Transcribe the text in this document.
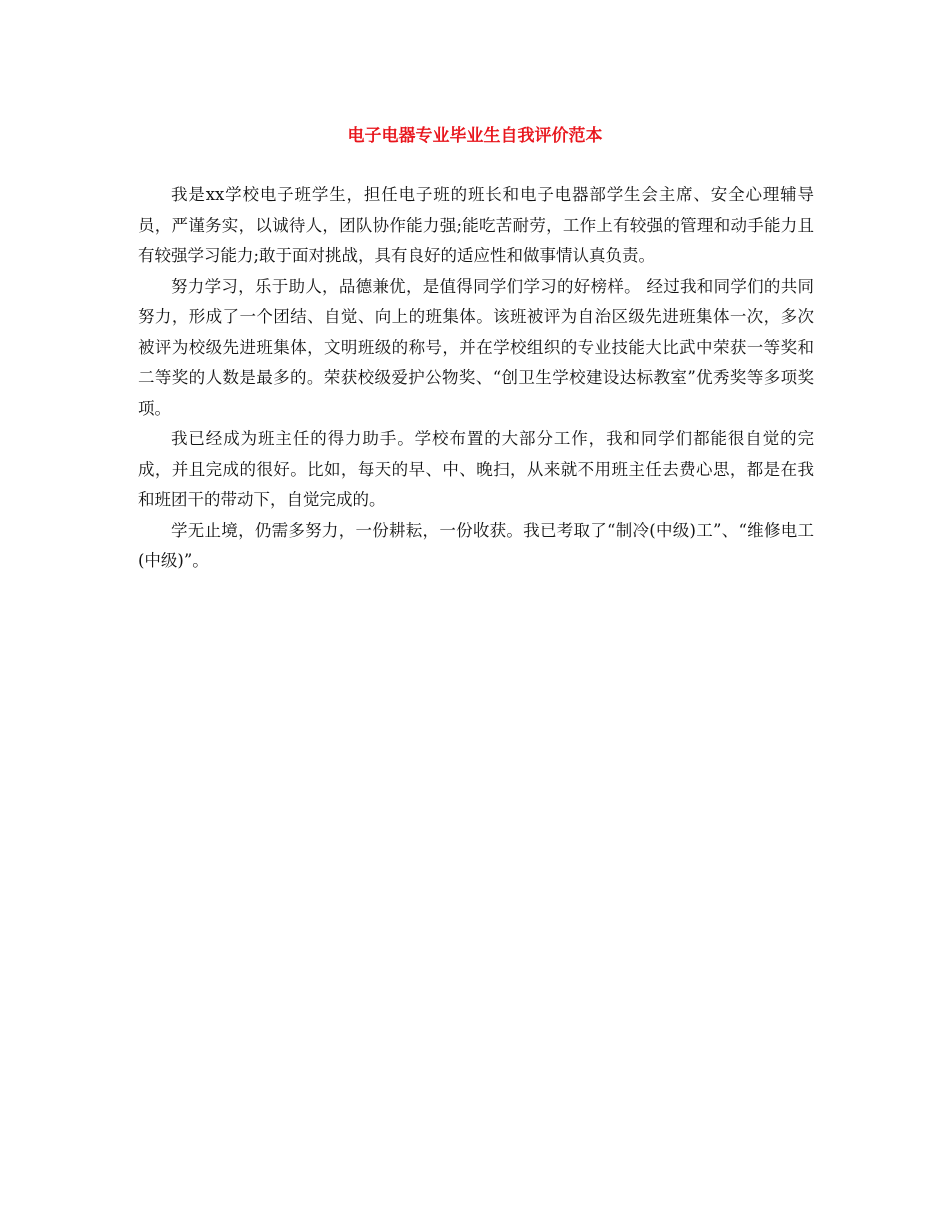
电子电器专业毕业生自我评价范本

我是xx学校电子班学生，担任电子班的班长和电子电器部学生会主席、安全心理辅导员，严谨务实，以诚待人，团队协作能力强;能吃苦耐劳，工作上有较强的管理和动手能力且有较强学习能力;敢于面对挑战，具有良好的适应性和做事情认真负责。

努力学习，乐于助人，品德兼优，是值得同学们学习的好榜样。 经过我和同学们的共同努力，形成了一个团结、自觉、向上的班集体。该班被评为自治区级先进班集体一次，多次被评为校级先进班集体，文明班级的称号，并在学校组织的专业技能大比武中荣获一等奖和二等奖的人数是最多的。荣获校级爱护公物奖、“创卫生学校建设达标教室”优秀奖等多项奖项。

我已经成为班主任的得力助手。学校布置的大部分工作，我和同学们都能很自觉的完成，并且完成的很好。比如，每天的早、中、晚扫，从来就不用班主任去费心思，都是在我和班团干的带动下，自觉完成的。

学无止境，仍需多努力，一份耕耘，一份收获。我已考取了“制冷(中级)工”、“维修电工(中级)”。
